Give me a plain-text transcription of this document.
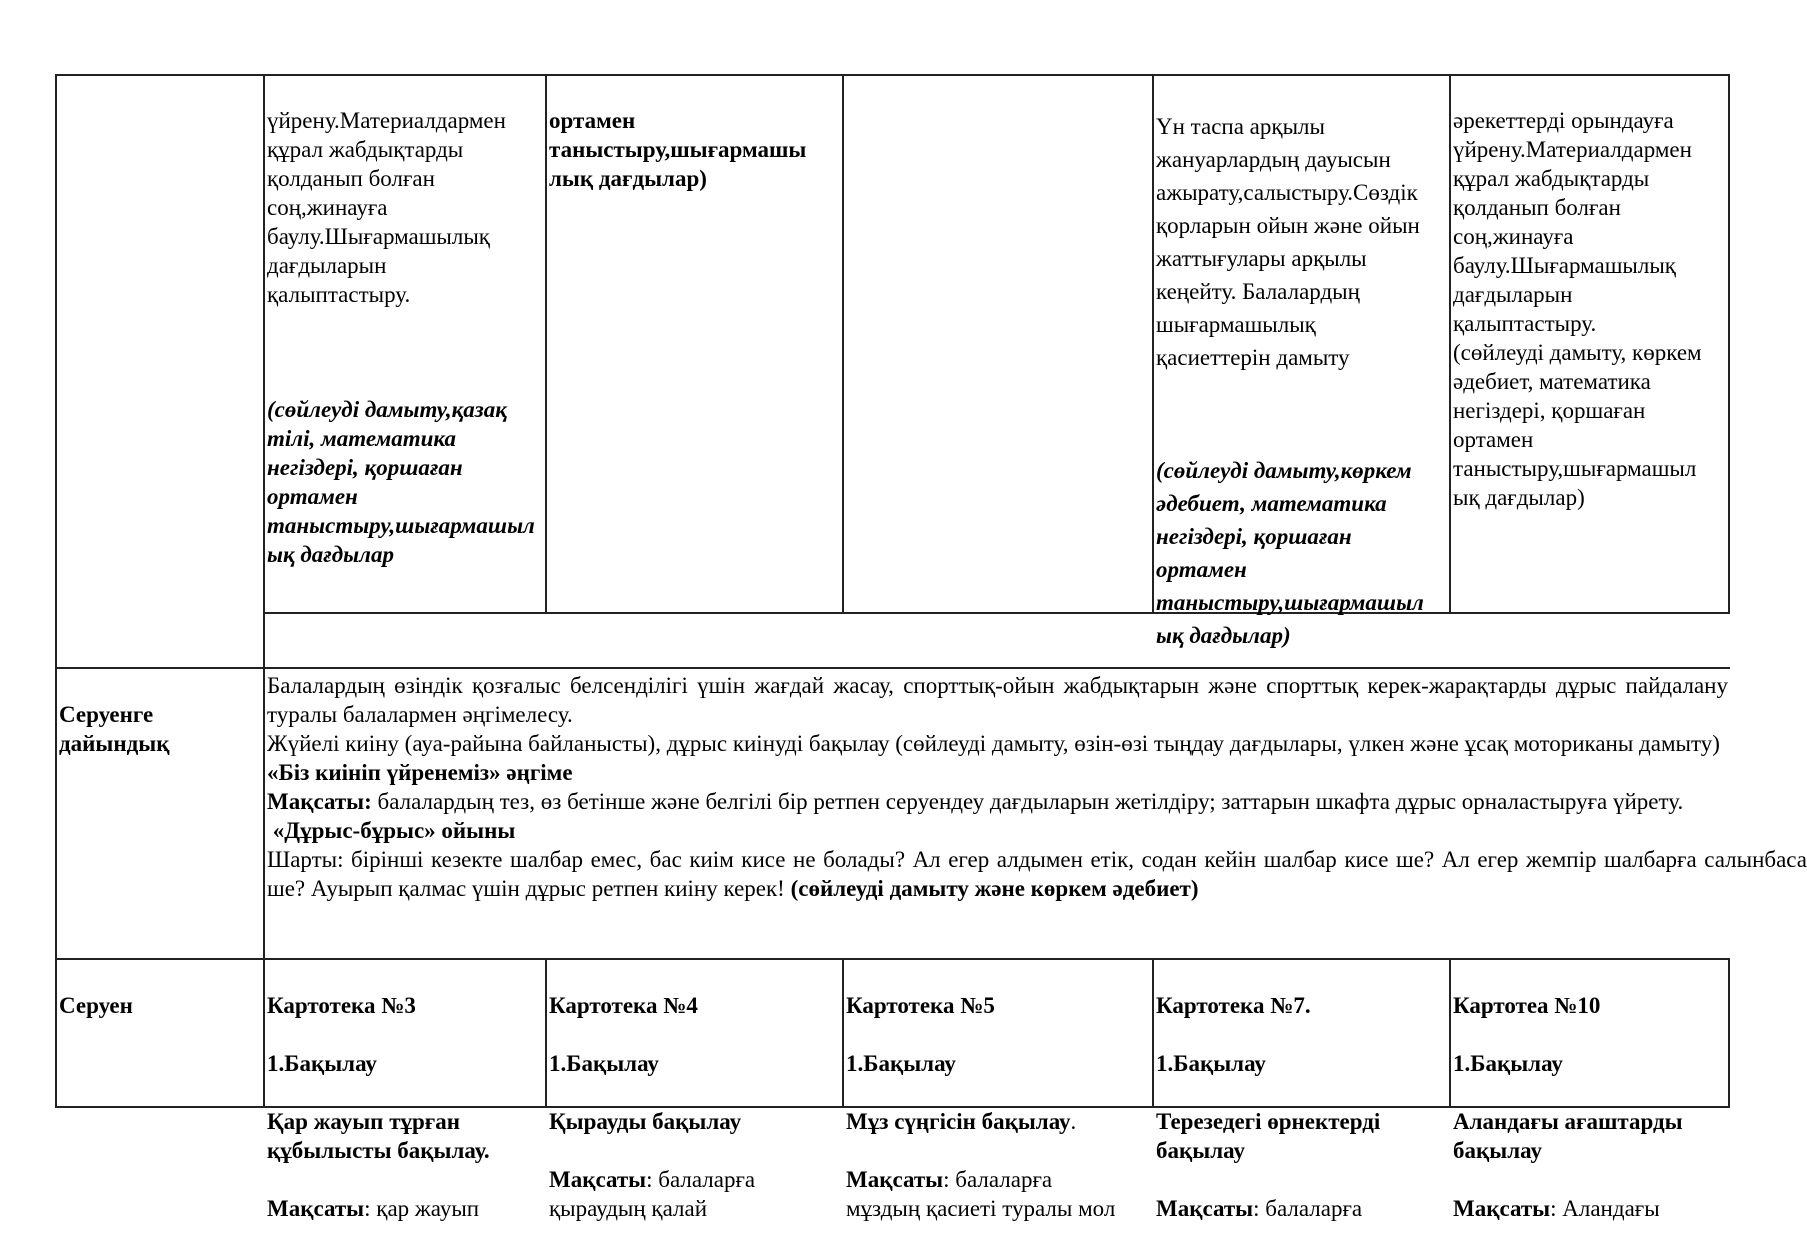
үйрену.Материалдармен
құрал жабдықтарды
қолданып болған
соң,жинауға
баулу.Шығармашылық
дағдыларын
қалыптастыру.

(сөйлеуді дамыту,қазақ
тілі, математика
негіздері, қоршаған
ортамен
таныстыру,шығармашыл
ық дағдылар

ортамен
таныстыру,шығармашы
лық дағдылар)

Үн таспа арқылы
жануарлардың дауысын
ажырату,салыстыру.Сөздік
қорларын ойын және ойын
жаттығулары арқылы
кеңейту. Балалардың
шығармашылық
қасиеттерін дамыту

(сөйлеуді дамыту,көркем
әдебиет, математика
негіздері, қоршаған
ортамен
таныстыру,шығармашыл
ық дағдылар)

әрекеттерді орындауға
үйрену.Материалдармен
құрал жабдықтарды
қолданып болған
соң,жинауға
баулу.Шығармашылық
дағдыларын
қалыптастыру.
(сөйлеуді дамыту, көркем
әдебиет, математика
негіздері, қоршаған
ортамен
таныстыру,шығармашыл
ық дағдылар)

Серуенге
дайындық

Балалардың өзіндік қозғалыс белсенділігі үшін жағдай жасау, спорттық-ойын жабдықтарын және спорттық керек-жарақтарды дұрыс пайдалану туралы балалармен әңгімелесу.
Жүйелі киіну (ауа-райына байланысты), дұрыс киінуді бақылау (сөйлеуді дамыту, өзін-өзі тыңдау дағдылары, үлкен және ұсақ моториканы дамыту)
«Біз киініп үйренеміз» әңгіме
Мақсаты: балалардың тез, өз бетінше және белгілі бір ретпен серуендеу дағдыларын жетілдіру; заттарын шкафта дұрыс орналастыруға үйрету.
«Дұрыс-бұрыс» ойыны
Шарты: бірінші кезекте шалбар емес, бас киім кисе не болады? Ал егер алдымен етік, содан кейін шалбар кисе ше? Ал егер жемпір шалбарға салынбаса ше? Ауырып қалмас үшін дұрыс ретпен киіну керек! (сөйлеуді дамыту және көркем әдебиет)

Серуен	Картотека №3

1.Бақылау

Қар жауып тұрған
құбылысты бақылау.

Мақсаты: қар жауып

Картотека №4

1.Бақылау

Қырауды бақылау

Мақсаты: балаларға
қыраудың қалай

Картотека №5

1.Бақылау

Мұз сүңгісін бақылау.

Мақсаты: балаларға
мұздың қасиеті туралы мол

Картотека №7.

1.Бақылау

Терезедегі өрнектерді
бақылау

Мақсаты: балаларға

Картотеа №10

1.Бақылау

Аландағы ағаштарды
бақылау

Мақсаты: Аландағы
